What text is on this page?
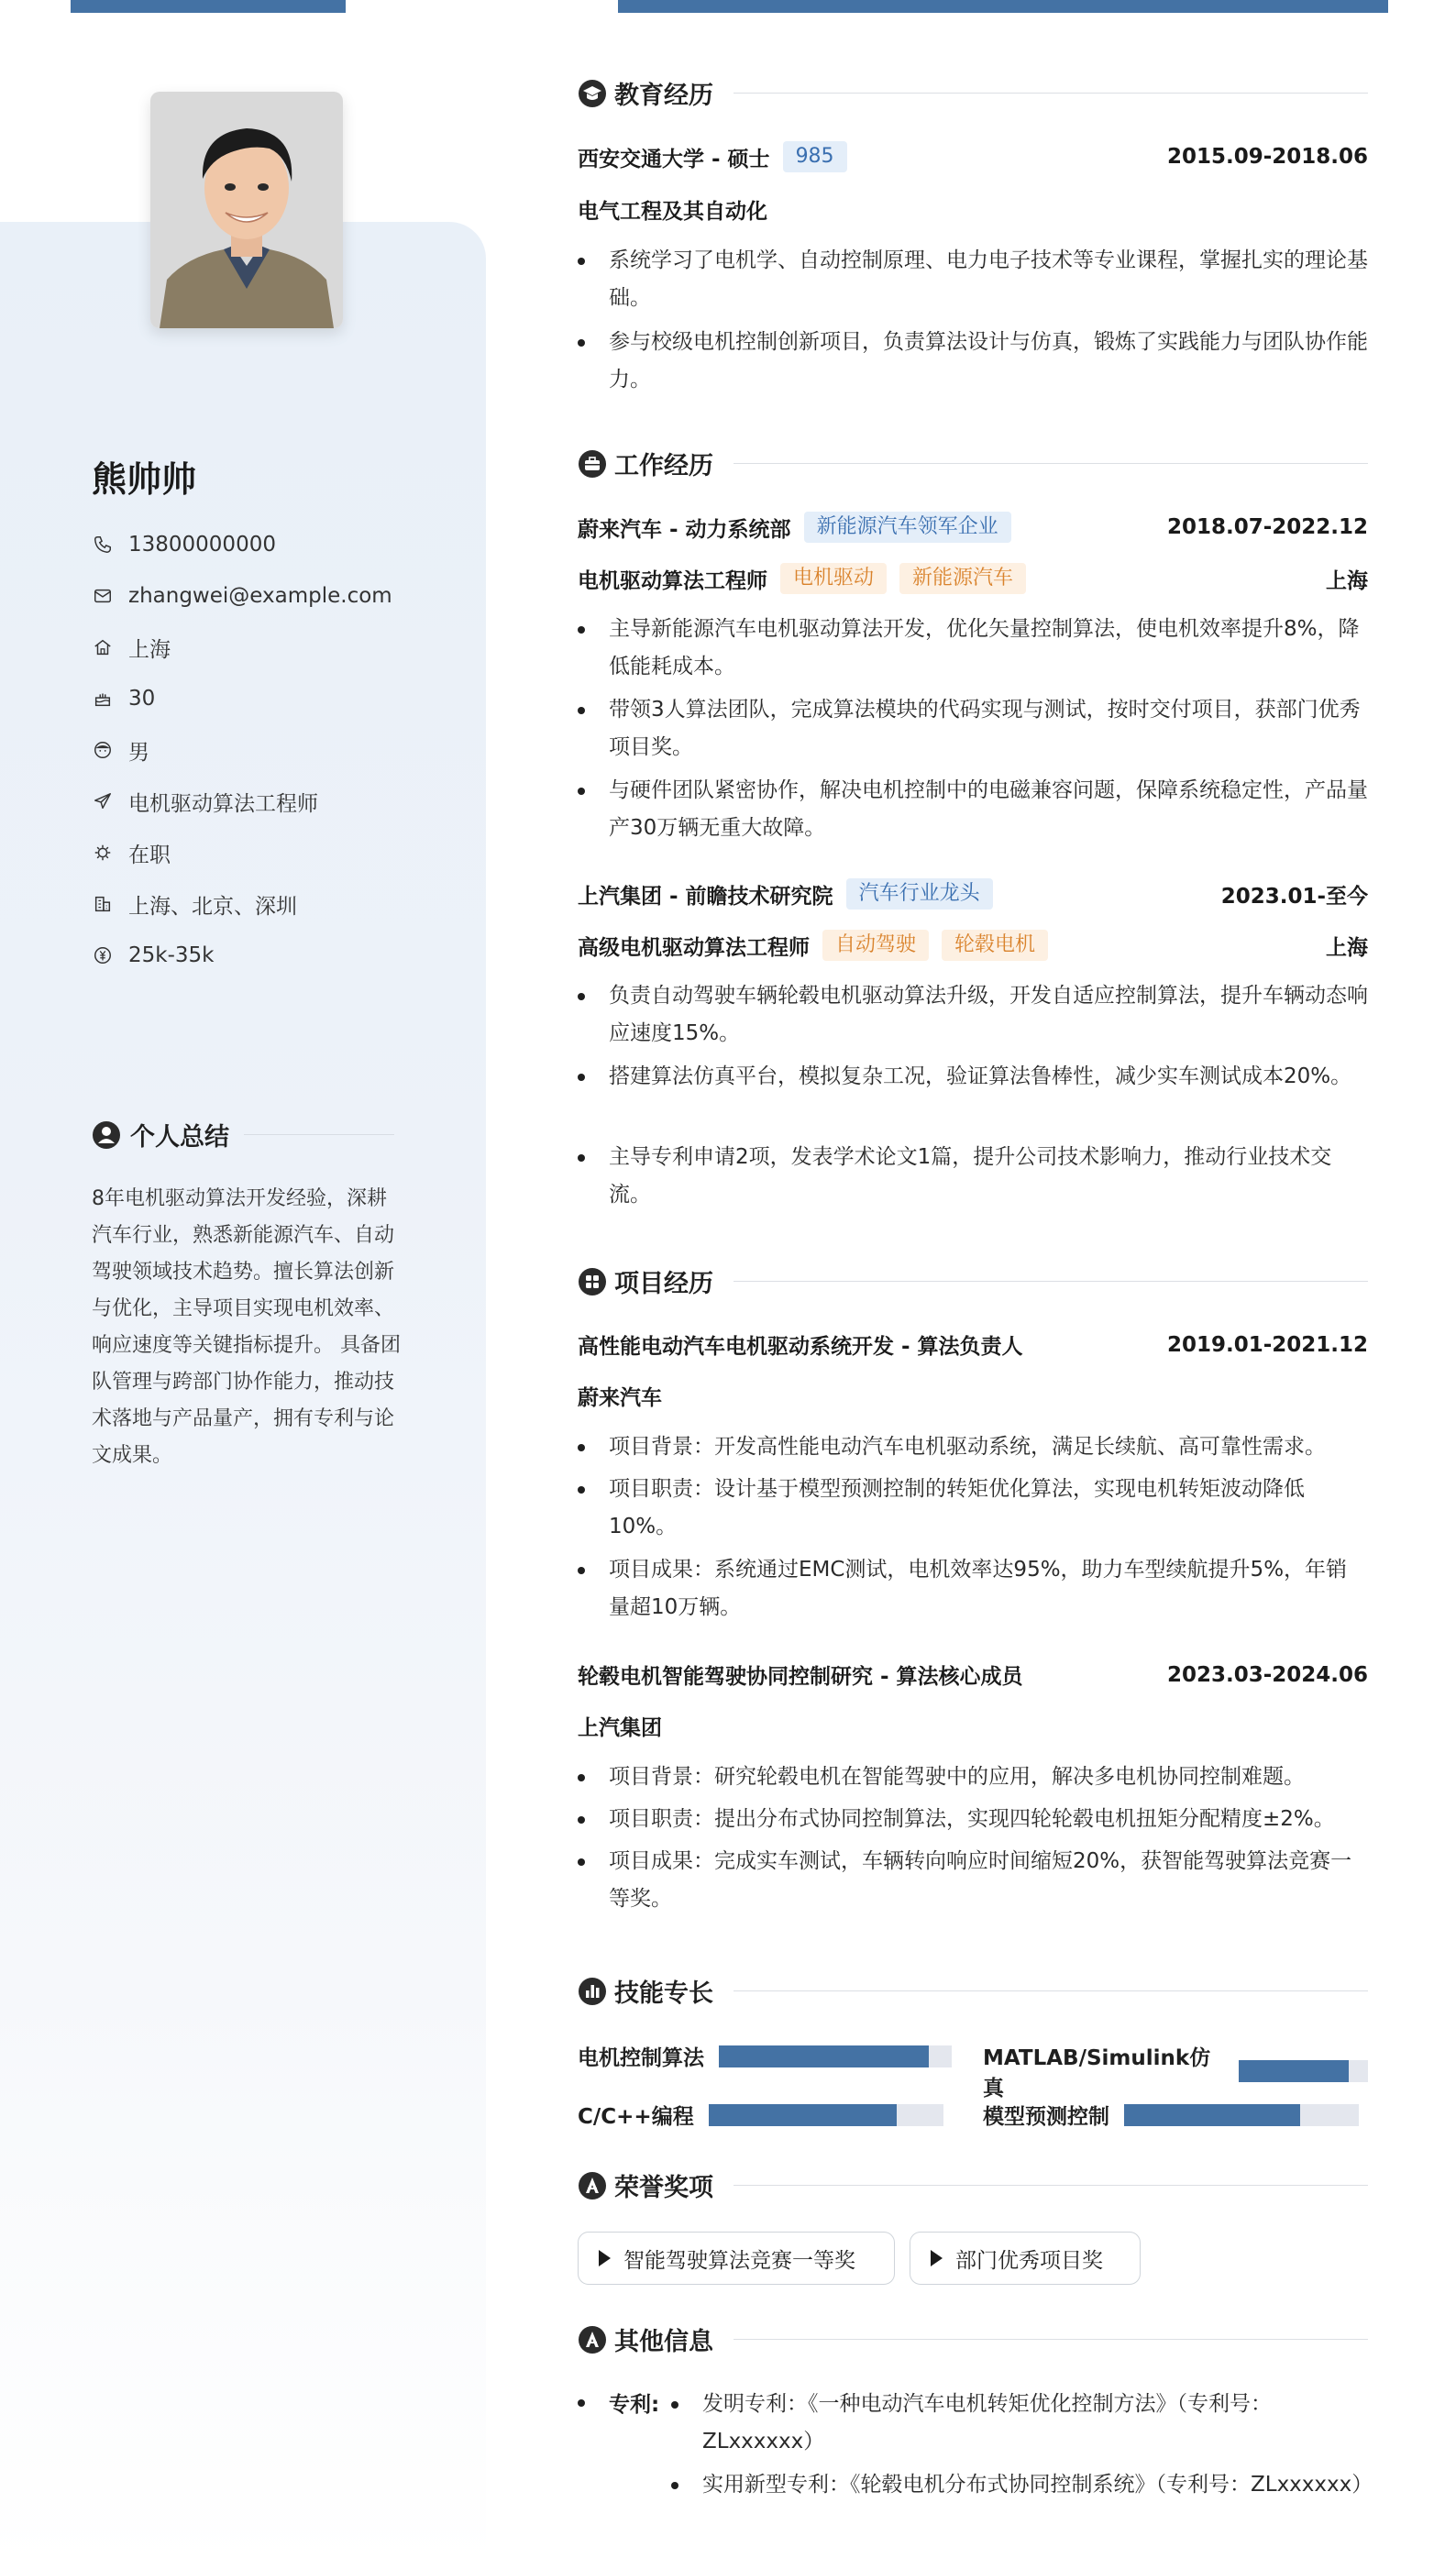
熊帅帅
13800000000
zhangwei@example.com
上海
30
男
电机驱动算法工程师
在职
上海、北京、深圳
25k-35k
个人总结
8年电机驱动算法开发经验，深耕汽车行业，熟悉新能源汽车、自动驾驶领域技术趋势。擅长算法创新与优化，主导项目实现电机效率、响应速度等关键指标提升。 具备团队管理与跨部门协作能力，推动技术落地与产品量产，拥有专利与论文成果。
教育经历
西安交通大学 - 硕士	985	2015.09-2018.06
电气工程及其自动化
系统学习了电机学、自动控制原理、电力电子技术等专业课程，掌握扎实的理论基础。
参与校级电机控制创新项目，负责算法设计与仿真，锻炼了实践能力与团队协作能力。
工作经历
蔚来汽车 - 动力系统部	新能源汽车领军企业	2018.07-2022.12
电机驱动算法工程师	电机驱动	新能源汽车	上海
主导新能源汽车电机驱动算法开发，优化矢量控制算法，使电机效率提升8%，降低能耗成本。
带领3人算法团队，完成算法模块的代码实现与测试，按时交付项目，获部门优秀项目奖。
与硬件团队紧密协作，解决电机控制中的电磁兼容问题，保障系统稳定性，产品量产30万辆无重大故障。
上汽集团 - 前瞻技术研究院	汽车行业龙头	2023.01-至今
高级电机驱动算法工程师	自动驾驶	轮毂电机	上海
负责自动驾驶车辆轮毂电机驱动算法升级，开发自适应控制算法，提升车辆动态响应速度15%。
搭建算法仿真平台，模拟复杂工况，验证算法鲁棒性，减少实车测试成本20%。
主导专利申请2项，发表学术论文1篇，提升公司技术影响力，推动行业技术交流。
项目经历
高性能电动汽车电机驱动系统开发 - 算法负责人	2019.01-2021.12
蔚来汽车
项目背景：开发高性能电动汽车电机驱动系统，满足长续航、高可靠性需求。
项目职责：设计基于模型预测控制的转矩优化算法，实现电机转矩波动降低10%。
项目成果：系统通过EMC测试，电机效率达95%，助力车型续航提升5%，年销量超10万辆。
轮毂电机智能驾驶协同控制研究 - 算法核心成员	2023.03-2024.06
上汽集团
项目背景：研究轮毂电机在智能驾驶中的应用，解决多电机协同控制难题。
项目职责：提出分布式协同控制算法，实现四轮轮毂电机扭矩分配精度±2%。
项目成果：完成实车测试，车辆转向响应时间缩短20%，获智能驾驶算法竞赛一等奖。
技能专长
电机控制算法	MATLAB/Simulink仿真
C/C++编程	模型预测控制
荣誉奖项
智能驾驶算法竞赛一等奖	部门优秀项目奖
其他信息
专利:	发明专利：《一种电动汽车电机转矩优化控制方法》（专利号：ZLxxxxxx）
实用新型专利：《轮毂电机分布式协同控制系统》（专利号：ZLxxxxxx）
